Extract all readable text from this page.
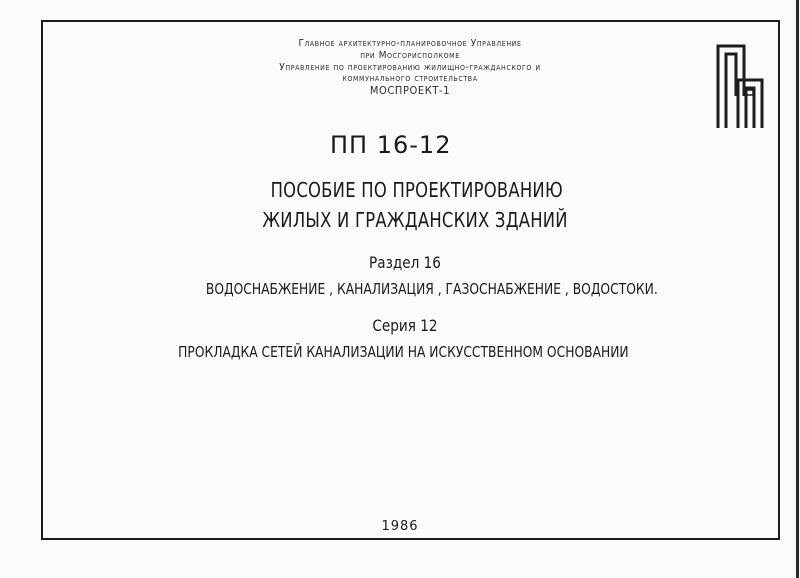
Главное архитектурно-планировочное Управление
при Мосгорисполкоме
Управление по проектированию жилищно-гражданского и
коммунального строительства
МОСПРОЕКТ-1
ПП 16-12
ПОСОБИЕ ПО ПРОЕКТИРОВАНИЮ
ЖИЛЫХ И ГРАЖДАНСКИХ ЗДАНИЙ
Раздел 16
ВОДОСНАБЖЕНИЕ , КАНАЛИЗАЦИЯ , ГАЗОСНАБЖЕНИЕ , ВОДОСТОКИ.
Серия 12
ПРОКЛАДКА СЕТЕЙ КАНАЛИЗАЦИИ НА ИСКУССТВЕННОМ ОСНОВАНИИ
1986
